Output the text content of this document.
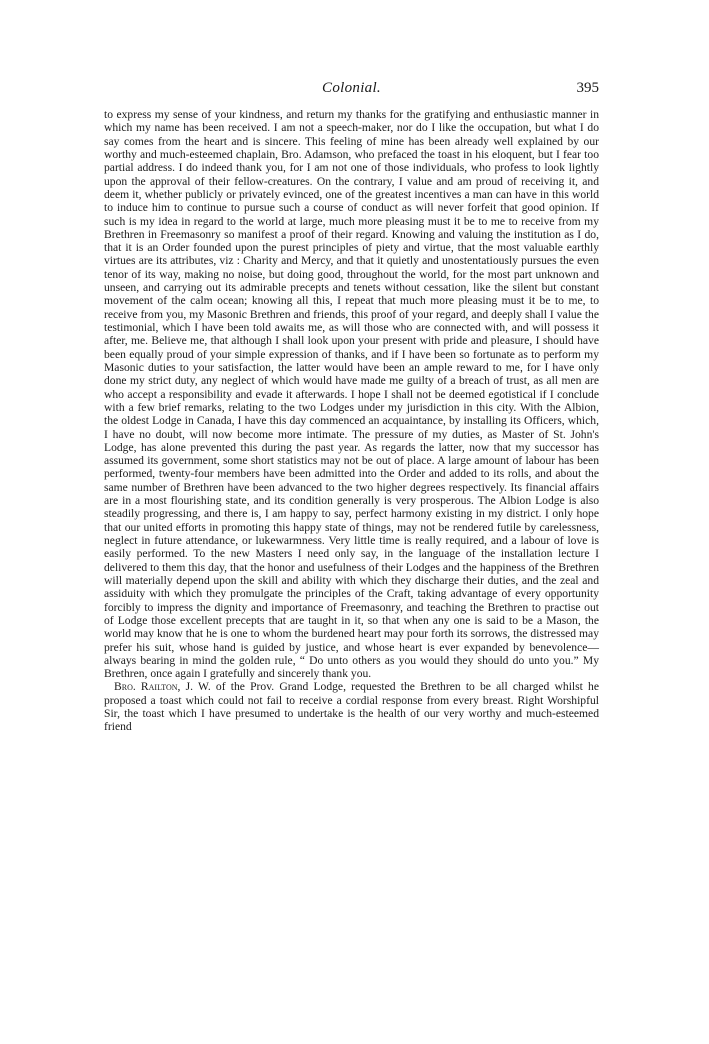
Colonial.	395

to express my sense of your kindness, and return my thanks for the gratifying and enthusiastic manner in which my name has been received. I am not a speech-maker, nor do I like the occupation, but what I do say comes from the heart and is sincere. This feeling of mine has been already well explained by our worthy and much-esteemed chaplain, Bro. Adamson, who prefaced the toast in his eloquent, but I fear too partial address. I do indeed thank you, for I am not one of those individuals, who profess to look lightly upon the approval of their fellow-creatures. On the contrary, I value and am proud of receiving it, and deem it, whether publicly or privately evinced, one of the greatest incentives a man can have in this world to induce him to continue to pursue such a course of conduct as will never forfeit that good opinion. If such is my idea in regard to the world at large, much more pleasing must it be to me to receive from my Brethren in Freemasonry so manifest a proof of their regard. Knowing and valuing the institution as I do, that it is an Order founded upon the purest principles of piety and virtue, that the most valuable earthly virtues are its attributes, viz : Charity and Mercy, and that it quietly and unostentatiously pursues the even tenor of its way, making no noise, but doing good, throughout the world, for the most part unknown and unseen, and carrying out its admirable precepts and tenets without cessation, like the silent but constant movement of the calm ocean; knowing all this, I repeat that much more pleasing must it be to me, to receive from you, my Masonic Brethren and friends, this proof of your regard, and deeply shall I value the testimonial, which I have been told awaits me, as will those who are connected with, and will possess it after, me. Believe me, that although I shall look upon your present with pride and pleasure, I should have been equally proud of your simple expression of thanks, and if I have been so fortunate as to perform my Masonic duties to your satisfaction, the latter would have been an ample reward to me, for I have only done my strict duty, any neglect of which would have made me guilty of a breach of trust, as all men are who accept a responsibility and evade it afterwards. I hope I shall not be deemed egotistical if I conclude with a few brief remarks, relating to the two Lodges under my jurisdiction in this city. With the Albion, the oldest Lodge in Canada, I have this day commenced an acquaintance, by installing its Officers, which, I have no doubt, will now become more intimate. The pressure of my duties, as Master of St. John's Lodge, has alone prevented this during the past year. As regards the latter, now that my successor has assumed its government, some short statistics may not be out of place. A large amount of labour has been performed, twenty-four members have been admitted into the Order and added to its rolls, and about the same number of Brethren have been advanced to the two higher degrees respectively. Its financial affairs are in a most flourishing state, and its condition generally is very prosperous. The Albion Lodge is also steadily progressing, and there is, I am happy to say, perfect harmony existing in my district. I only hope that our united efforts in promoting this happy state of things, may not be rendered futile by carelessness, neglect in future attendance, or lukewarmness. Very little time is really required, and a labour of love is easily performed. To the new Masters I need only say, in the language of the installation lecture I delivered to them this day, that the honor and usefulness of their Lodges and the happiness of the Brethren will materially depend upon the skill and ability with which they discharge their duties, and the zeal and assiduity with which they promulgate the principles of the Craft, taking advantage of every opportunity forcibly to impress the dignity and importance of Freemasonry, and teaching the Brethren to practise out of Lodge those excellent precepts that are taught in it, so that when any one is said to be a Mason, the world may know that he is one to whom the burdened heart may pour forth its sorrows, the distressed may prefer his suit, whose hand is guided by justice, and whose heart is ever expanded by benevolence—always bearing in mind the golden rule, “ Do unto others as you would they should do unto you.” My Brethren, once again I gratefully and sincerely thank you.

Bro. Railton, J. W. of the Prov. Grand Lodge, requested the Brethren to be all charged whilst he proposed a toast which could not fail to receive a cordial response from every breast. Right Worshipful Sir, the toast which I have presumed to undertake is the health of our very worthy and much-esteemed friend
